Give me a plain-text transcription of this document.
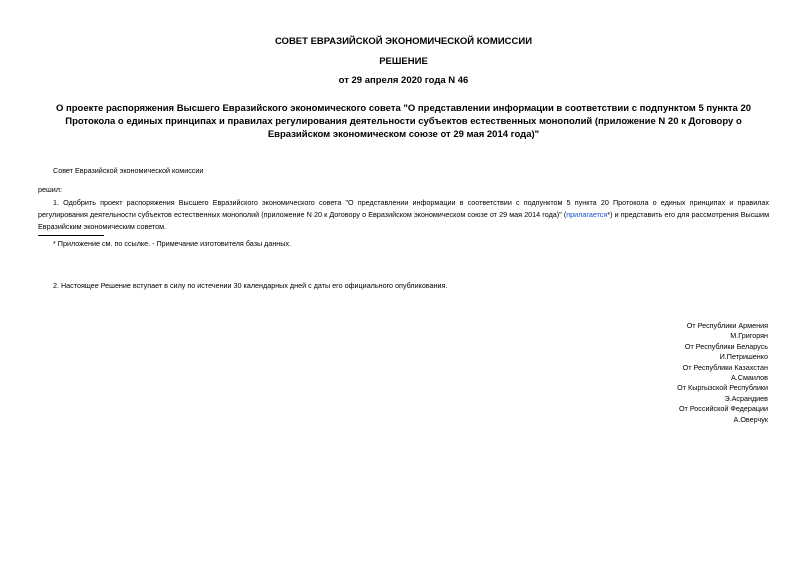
СОВЕТ ЕВРАЗИЙСКОЙ ЭКОНОМИЧЕСКОЙ КОМИССИИ
РЕШЕНИЕ
от 29 апреля 2020 года N 46
О проекте распоряжения Высшего Евразийского экономического совета "О представлении информации в соответствии с подпунктом 5 пункта 20 Протокола о единых принципах и правилах регулирования деятельности субъектов естественных монополий (приложение N 20 к Договору о Евразийском экономическом союзе от 29 мая 2014 года)"
Совет Евразийской экономической комиссии
решил:
1. Одобрить проект распоряжения Высшего Евразийского экономического совета "О представлении информации в соответствии с подпунктом 5 пункта 20 Протокола о единых принципах и правилах регулирования деятельности субъектов естественных монополий (приложение N 20 к Договору о Евразийском экономическом союзе от 29 мая 2014 года)" (прилагается*) и представить его для рассмотрения Высшим Евразийским экономическим советом.
* Приложение см. по ссылке. - Примечание изготовителя базы данных.
2. Настоящее Решение вступает в силу по истечении 30 календарных дней с даты его официального опубликования.
От Республики Армения
М.Григорян
От Республики Беларусь
И.Петришенко
От Республики Казахстан
А.Смаилов
От Кыргызской Республики
Э.Асрандиев
От Российской Федерации
А.Оверчук
